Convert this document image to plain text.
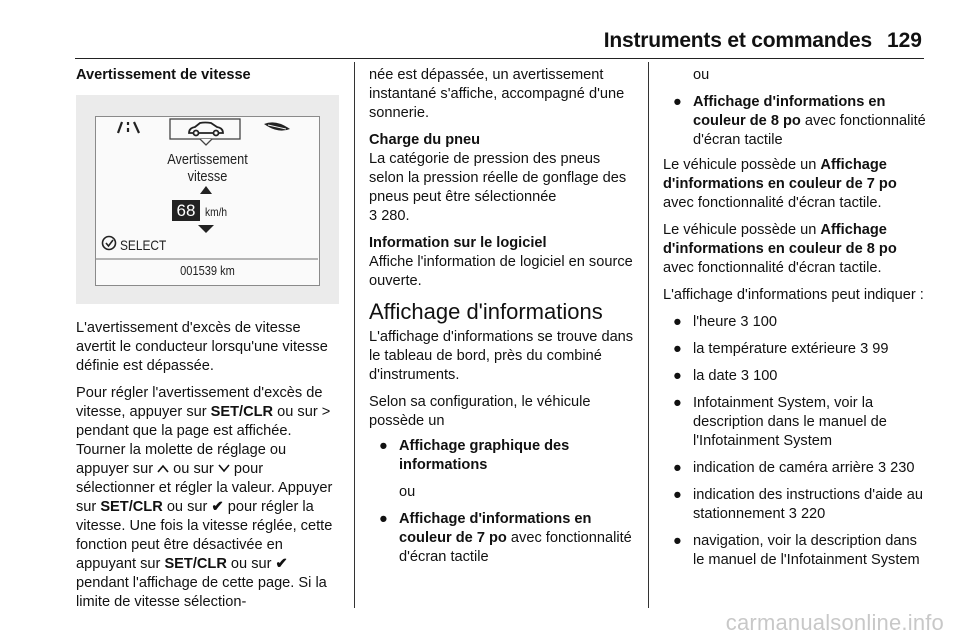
Instruments et commandes 129

Avertissement de vitesse

Avertissement
vitesse
68 km/h
SELECT
001539 km

L'avertissement d'excès de vitesse avertit le conducteur lorsqu'une vitesse définie est dépassée.

Pour régler l'avertissement d'excès de vitesse, appuyer sur SET/CLR ou sur > pendant que la page est affichée. Tourner la molette de réglage ou appuyer sur  ou sur  pour sélectionner et régler la valeur. Appuyer sur SET/CLR ou sur ✔ pour régler la vitesse. Une fois la vitesse réglée, cette fonction peut être désactivée en appuyant sur SET/CLR ou sur ✔ pendant l'affichage de cette page. Si la limite de vitesse sélection-

née est dépassée, un avertissement instantané s'affiche, accompagné d'une sonnerie.

Charge du pneu

La catégorie de pression des pneus selon la pression réelle de gonflage des pneus peut être sélectionnée
3 280.

Information sur le logiciel

Affiche l'information de logiciel en source ouverte.

Affichage d'informations

L'affichage d'informations se trouve dans le tableau de bord, près du combiné d'instruments.

Selon sa configuration, le véhicule possède un

● Affichage graphique des informations

ou

● Affichage d'informations en couleur de 7 po avec fonctionnalité d'écran tactile

ou

● Affichage d'informations en couleur de 8 po avec fonctionnalité d'écran tactile

Le véhicule possède un Affichage d'informations en couleur de 7 po avec fonctionnalité d'écran tactile.

Le véhicule possède un Affichage d'informations en couleur de 8 po avec fonctionnalité d'écran tactile.

L'affichage d'informations peut indiquer :

● l'heure 3 100
● la température extérieure 3 99
● la date 3 100
● Infotainment System, voir la description dans le manuel de l'Infotainment System
● indication de caméra arrière 3 230
● indication des instructions d'aide au stationnement 3 220
● navigation, voir la description dans le manuel de l'Infotainment System
carmanualsonline.info
